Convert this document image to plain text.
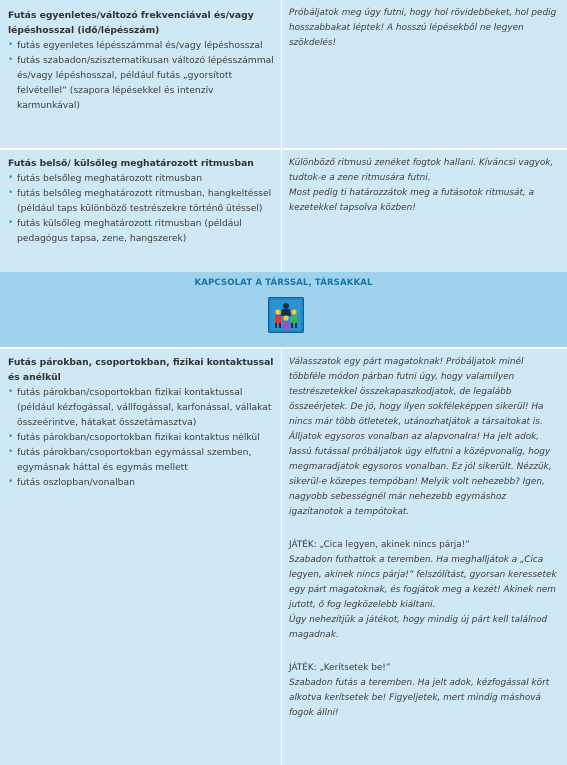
Futás egyenletes/változó frekvenciával és/vagy lépéshosszal (idő/lépésszám)

• futás egyenletes lépésszámmal és/vagy lépéshosszal
• futás szabadon/szisztematikusan változó lépésszámmal és/vagy lépéshosszal, például futás „gyorsított felvétellel” (szapora lépésekkel és intenzív karmunkával)

Próbáljatok meg úgy futni, hogy hol rövidebbeket, hol pedig hosszabbakat léptek! A hosszú lépésekből ne legyen szökdelés!

Futás belső/ külsőleg meghatározott ritmusban

• futás belsőleg meghatározott ritmusban
• futás belsőleg meghatározott ritmusban, hangkeltéssel (például taps különböző testrészekre történő ütéssel)
• futás külsőleg meghatározott ritmusban (például pedagógus tapsa, zene, hangszerek)

Különböző ritmusú zenéket fogtok hallani. Kíváncsi vagyok, tudtok-e a zene ritmusára futni.

Most pedig ti határozzátok meg a futásotok ritmusát, a kezetekkel tapsolva közben!

KAPCSOLAT A TÁRSSAL, TÁRSAKKAL

Futás párokban, csoportokban, fizikai kontaktussal és anélkül

• futás párokban/csoportokban fizikai kontaktussal (például kézfogással, vállfogással, karfonással, vállakat összeérintve, hátakat összetámasztva)
• futás párokban/csoportokban fizikai kontaktus nélkül
• futás párokban/csoportokban egymással szemben, egymásnak háttal és egymás mellett
• futás oszlopban/vonalban

Válasszatok egy párt magatoknak! Próbáljatok minél többféle módon párban futni úgy, hogy valamilyen testrészetekkel összekapaszkodjatok, de legalább összeérjetek. De jó, hogy ilyen sokféleképpen sikerül! Ha nincs már több ötletetek, utánozhatjátok a társaitokat is.

Álljatok egysoros vonalban az alapvonalra! Ha jelt adok, lassú futással próbáljatok úgy elfutni a középvonalig, hogy megmaradjatok egysoros vonalban. Ez jól sikerült. Nézzük, sikerül-e közepes tempóban! Melyik volt nehezebb? Igen, nagyobb sebességnél már nehezebb egymáshoz igazítanotok a tempótokat.

JÁTÉK: „Cica legyen, akinek nincs párja!”

Szabadon futhattok a teremben. Ha meghalljátok a „Cica legyen, akinek nincs párja!” felszólítást, gyorsan keressetek egy párt magatoknak, és fogjátok meg a kezét! Akinek nem jutott, ő fog legközelebb kiáltani.

Úgy nehezítjük a játékot, hogy mindig új párt kell találnod magadnak.

JÁTÉK: „Kerítsetek be!”

Szabadon futás a teremben. Ha jelt adok, kézfogással kört alkotva kerítsetek be! Figyeljetek, mert mindig máshová fogok állni!
